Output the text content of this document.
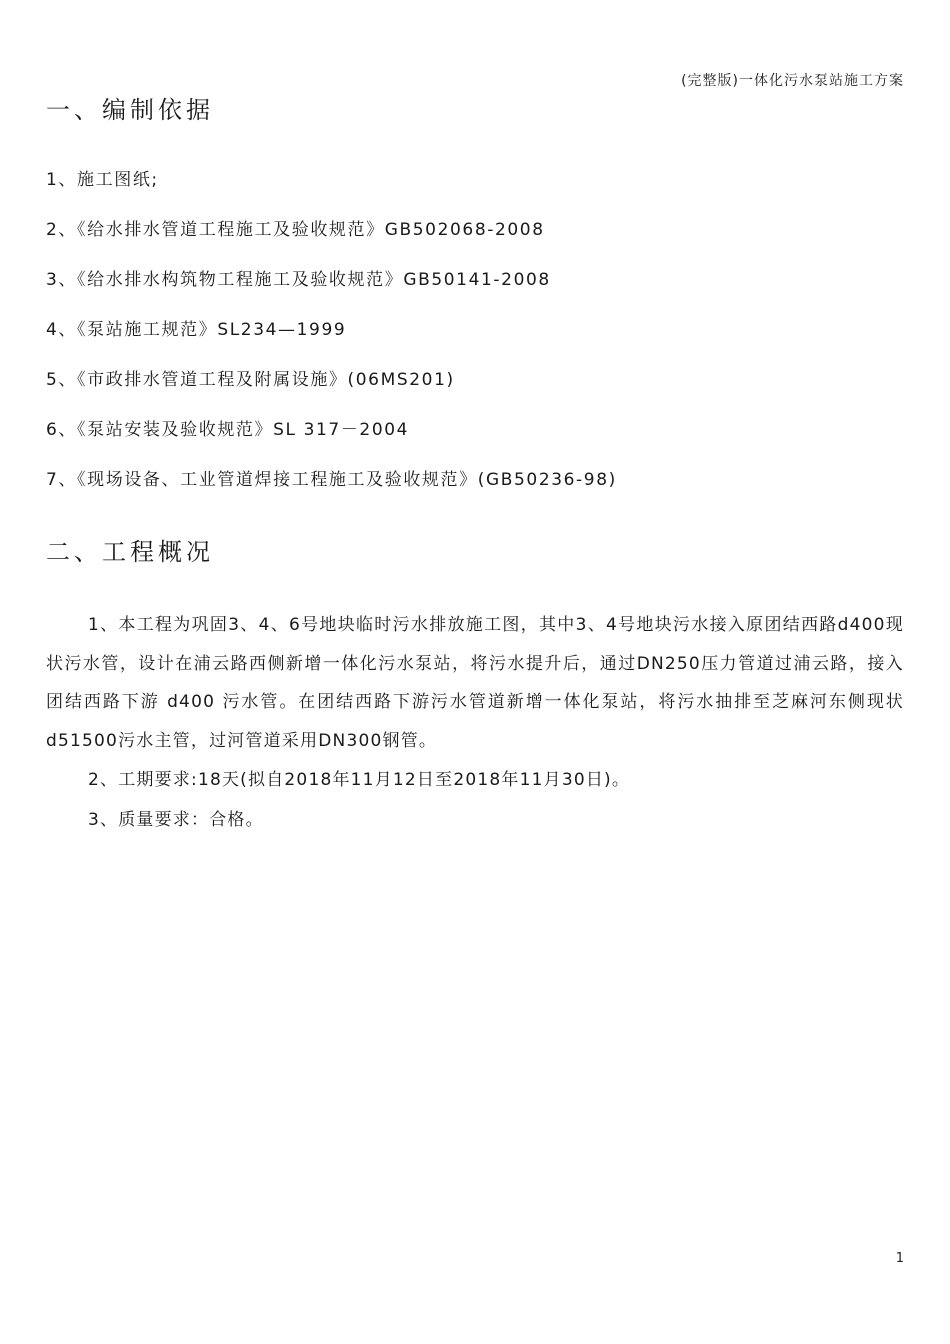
(完整版)一体化污水泵站施工方案
一、编制依据
1、施工图纸;
2、《给水排水管道工程施工及验收规范》GB502068-2008
3、《给水排水构筑物工程施工及验收规范》GB50141-2008
4、《泵站施工规范》SL234—1999
5、《市政排水管道工程及附属设施》(06MS201)
6、《泵站安装及验收规范》SL 317－2004
7、《现场设备、工业管道焊接工程施工及验收规范》(GB50236-98)
二、工程概况

1、本工程为巩固3、4、6号地块临时污水排放施工图，其中3、4号地块污水接入原团结西路d400现状污水管，设计在浦云路西侧新增一体化污水泵站，将污水提升后，通过DN250压力管道过浦云路，接入团结西路下游 d400 污水管。在团结西路下游污水管道新增一体化泵站，将污水抽排至芝麻河东侧现状d51500污水主管，过河管道采用DN300钢管。

2、工期要求:18天(拟自2018年11月12日至2018年11月30日)。

3、质量要求：合格。

1
